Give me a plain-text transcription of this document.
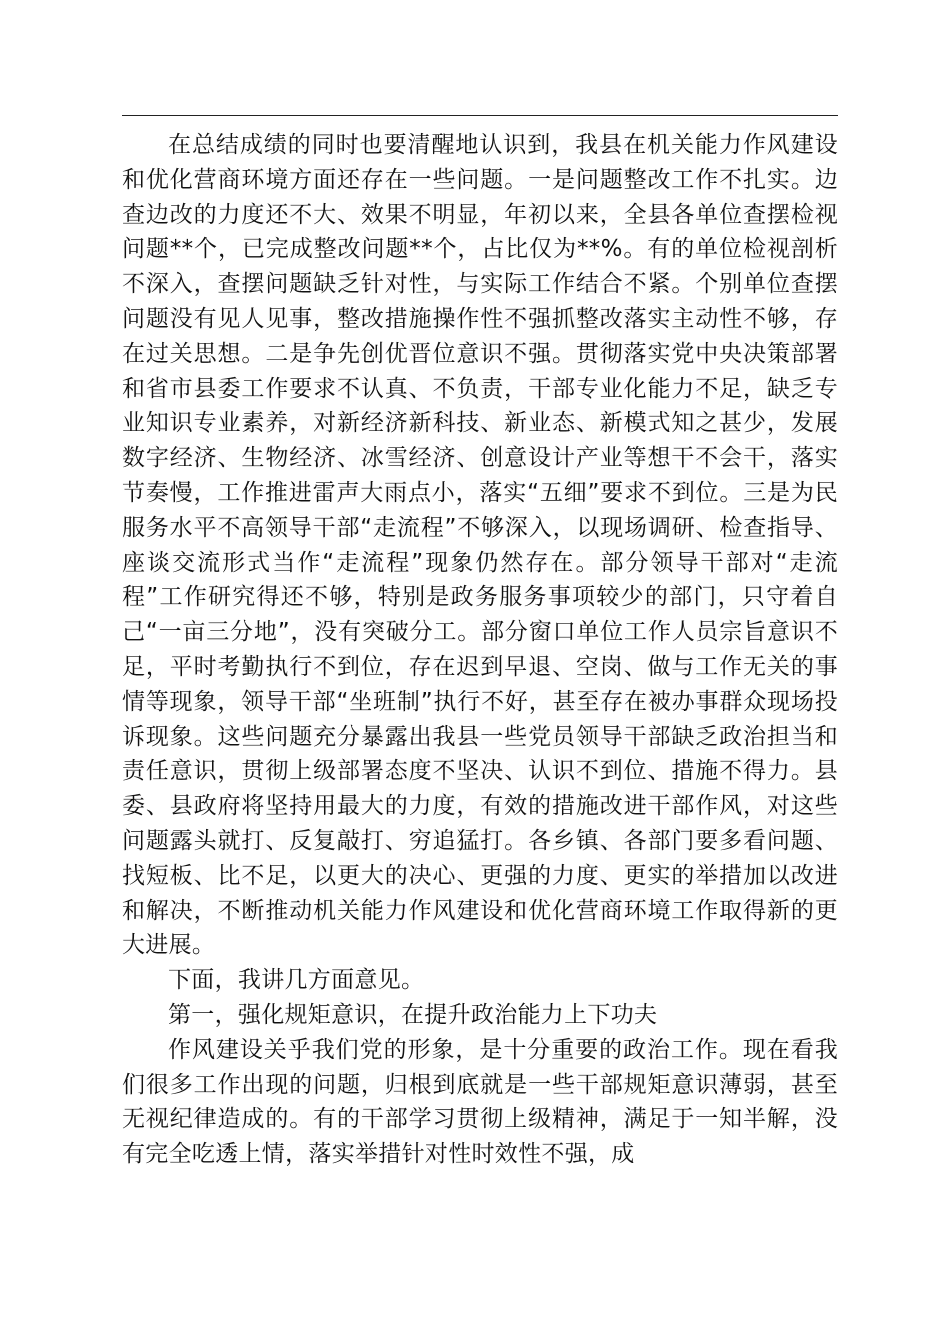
在总结成绩的同时也要清醒地认识到，我县在机关能力作风建设和优化营商环境方面还存在一些问题。一是问题整改工作不扎实。边查边改的力度还不大、效果不明显，年初以来，全县各单位查摆检视问题**个，已完成整改问题**个，占比仅为**%。有的单位检视剖析不深入，查摆问题缺乏针对性，与实际工作结合不紧。个别单位查摆问题没有见人见事，整改措施操作性不强抓整改落实主动性不够，存在过关思想。二是争先创优晋位意识不强。贯彻落实党中央决策部署和省市县委工作要求不认真、不负责，干部专业化能力不足，缺乏专业知识专业素养，对新经济新科技、新业态、新模式知之甚少，发展数字经济、生物经济、冰雪经济、创意设计产业等想干不会干，落实节奏慢，工作推进雷声大雨点小，落实“五细”要求不到位。三是为民服务水平不高领导干部“走流程”不够深入，以现场调研、检查指导、座谈交流形式当作“走流程”现象仍然存在。部分领导干部对“走流程”工作研究得还不够，特别是政务服务事项较少的部门，只守着自己“一亩三分地”，没有突破分工。部分窗口单位工作人员宗旨意识不足，平时考勤执行不到位，存在迟到早退、空岗、做与工作无关的事情等现象，领导干部“坐班制”执行不好，甚至存在被办事群众现场投诉现象。这些问题充分暴露出我县一些党员领导干部缺乏政治担当和责任意识，贯彻上级部署态度不坚决、认识不到位、措施不得力。县委、县政府将坚持用最大的力度，有效的措施改进干部作风，对这些问题露头就打、反复敲打、穷追猛打。各乡镇、各部门要多看问题、找短板、比不足，以更大的决心、更强的力度、更实的举措加以改进和解决，不断推动机关能力作风建设和优化营商环境工作取得新的更大进展。

下面，我讲几方面意见。

第一，强化规矩意识，在提升政治能力上下功夫

作风建设关乎我们党的形象，是十分重要的政治工作。现在看我们很多工作出现的问题，归根到底就是一些干部规矩意识薄弱，甚至无视纪律造成的。有的干部学习贯彻上级精神，满足于一知半解，没有完全吃透上情，落实举措针对性时效性不强，成
